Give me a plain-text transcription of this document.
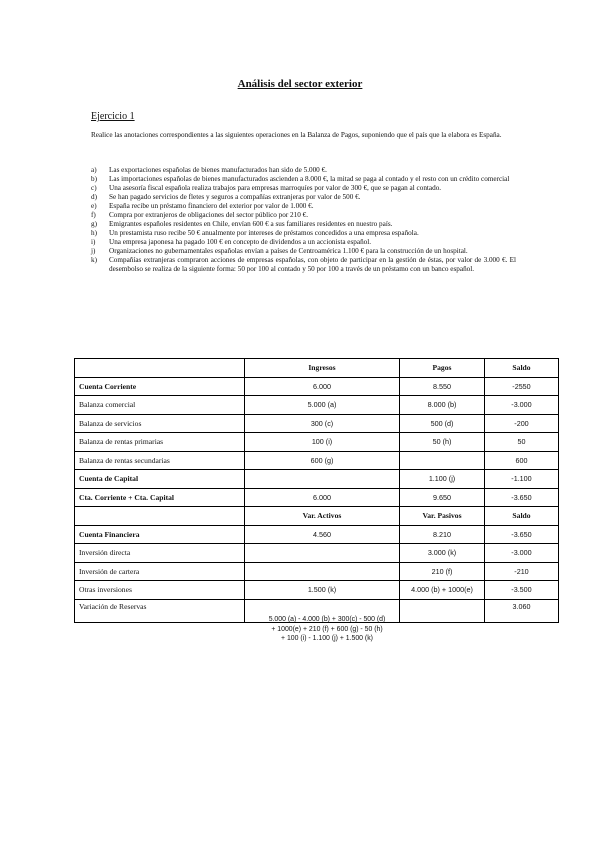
Análisis del sector exterior
Ejercicio 1
Realice las anotaciones correspondientes a las siguientes operaciones en la Balanza de Pagos, suponiendo que el país que la elabora es España.
a)	Las exportaciones españolas de bienes manufacturados han sido de 5.000 €.
b)	Las importaciones españolas de bienes manufacturados ascienden a 8.000 €, la mitad se paga al contado y el resto con un crédito comercial
c)	Una asesoría fiscal española realiza trabajos para empresas marroquíes por valor de 300 €, que se pagan al contado.
d)	Se han pagado servicios de fletes y seguros a compañías extranjeras por valor de 500 €.
e)	España recibe un préstamo financiero del exterior por valor de 1.000 €.
f)	Compra por extranjeros de obligaciones del sector público por 210 €.
g)	Emigrantes españoles residentes en Chile, envían 600 € a sus familiares residentes en nuestro país.
h)	Un prestamista ruso recibe 50 € anualmente por intereses de préstamos concedidos a una empresa española.
i)	Una empresa japonesa ha pagado 100 € en concepto de dividendos a un accionista español.
j)	Organizaciones no gubernamentales españolas envían a países de Centroamérica 1.100 € para la construcción de un hospital.
k)	Compañías extranjeras compraron acciones de empresas españolas, con objeto de participar en la gestión de éstas, por valor de 3.000 €. El desembolso se realiza de la siguiente forma: 50 por 100 al contado y 50 por 100 a través de un préstamo con un banco español.
	Ingresos	Pagos	Saldo
Cuenta Corriente	6.000	8.550	-2550
Balanza comercial	5.000 (a)	8.000 (b)	-3.000
Balanza de servicios	300 (c)	500 (d)	-200
Balanza de rentas primarias	100 (i)	50 (h)	50
Balanza de rentas secundarias	600 (g)		600
Cuenta de Capital		1.100 (j)	-1.100
Cta. Corriente + Cta. Capital	6.000	9.650	-3.650
	Var. Activos	Var. Pasivos	Saldo
Cuenta Financiera	4.560	8.210	-3.650
Inversión directa		3.000 (k)	-3.000
Inversión de cartera		210 (f)	-210
Otras inversiones	1.500 (k)	4.000 (b) + 1000(e)	-3.500
Variación de Reservas			3.060
5.000 (a) - 4.000 (b) + 300(c) - 500 (d)
+ 1000(e) + 210 (f) + 600 (g) - 50 (h)
+ 100 (i) - 1.100 (j) + 1.500 (k)
